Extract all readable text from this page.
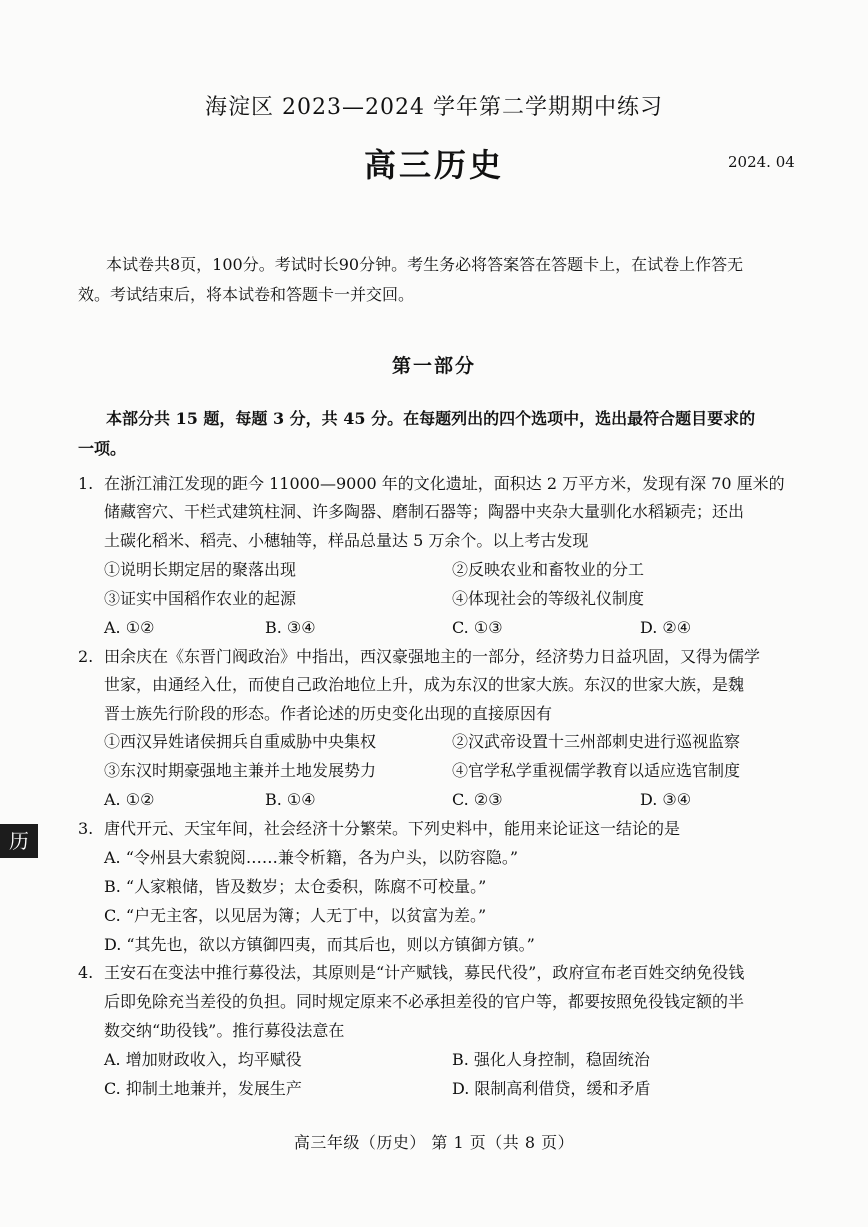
海淀区 2023—2024 学年第二学期期中练习
高三历史	2024. 04
本试卷共8页，100分。考试时长90分钟。考生务必将答案答在答题卡上，在试卷上作答无
效。考试结束后，将本试卷和答题卡一并交回。
第一部分
本部分共 15 题，每题 3 分，共 45 分。在每题列出的四个选项中，选出最符合题目要求的
一项。
1. 在浙江浦江发现的距今 11000—9000 年的文化遗址，面积达 2 万平方米，发现有深 70 厘米的
储藏窖穴、干栏式建筑柱洞、许多陶器、磨制石器等；陶器中夹杂大量驯化水稻颖壳；还出
土碳化稻米、稻壳、小穗轴等，样品总量达 5 万余个。以上考古发现
①说明长期定居的聚落出现	②反映农业和畜牧业的分工
③证实中国稻作农业的起源	④体现社会的等级礼仪制度
A. ①②	B. ③④	C. ①③	D. ②④
2. 田余庆在《东晋门阀政治》中指出，西汉豪强地主的一部分，经济势力日益巩固，又得为儒学
世家，由通经入仕，而使自己政治地位上升，成为东汉的世家大族。东汉的世家大族，是魏
晋士族先行阶段的形态。作者论述的历史变化出现的直接原因有
①西汉异姓诸侯拥兵自重威胁中央集权	②汉武帝设置十三州部刺史进行巡视监察
③东汉时期豪强地主兼并土地发展势力	④官学私学重视儒学教育以适应选官制度
A. ①②	B. ①④	C. ②③	D. ③④
历
3. 唐代开元、天宝年间，社会经济十分繁荣。下列史料中，能用来论证这一结论的是
A. “令州县大索貌阅……兼令析籍，各为户头，以防容隐。”
B. “人家粮储，皆及数岁；太仓委积，陈腐不可校量。”
C. “户无主客，以见居为簿；人无丁中，以贫富为差。”
D. “其先也，欲以方镇御四夷，而其后也，则以方镇御方镇。”
4. 王安石在变法中推行募役法，其原则是“计产赋钱，募民代役”，政府宣布老百姓交纳免役钱
后即免除充当差役的负担。同时规定原来不必承担差役的官户等，都要按照免役钱定额的半
数交纳“助役钱”。推行募役法意在
A. 增加财政收入，均平赋役	B. 强化人身控制，稳固统治
C. 抑制土地兼并，发展生产	D. 限制高利借贷，缓和矛盾
高三年级（历史） 第 1 页（共 8 页）
